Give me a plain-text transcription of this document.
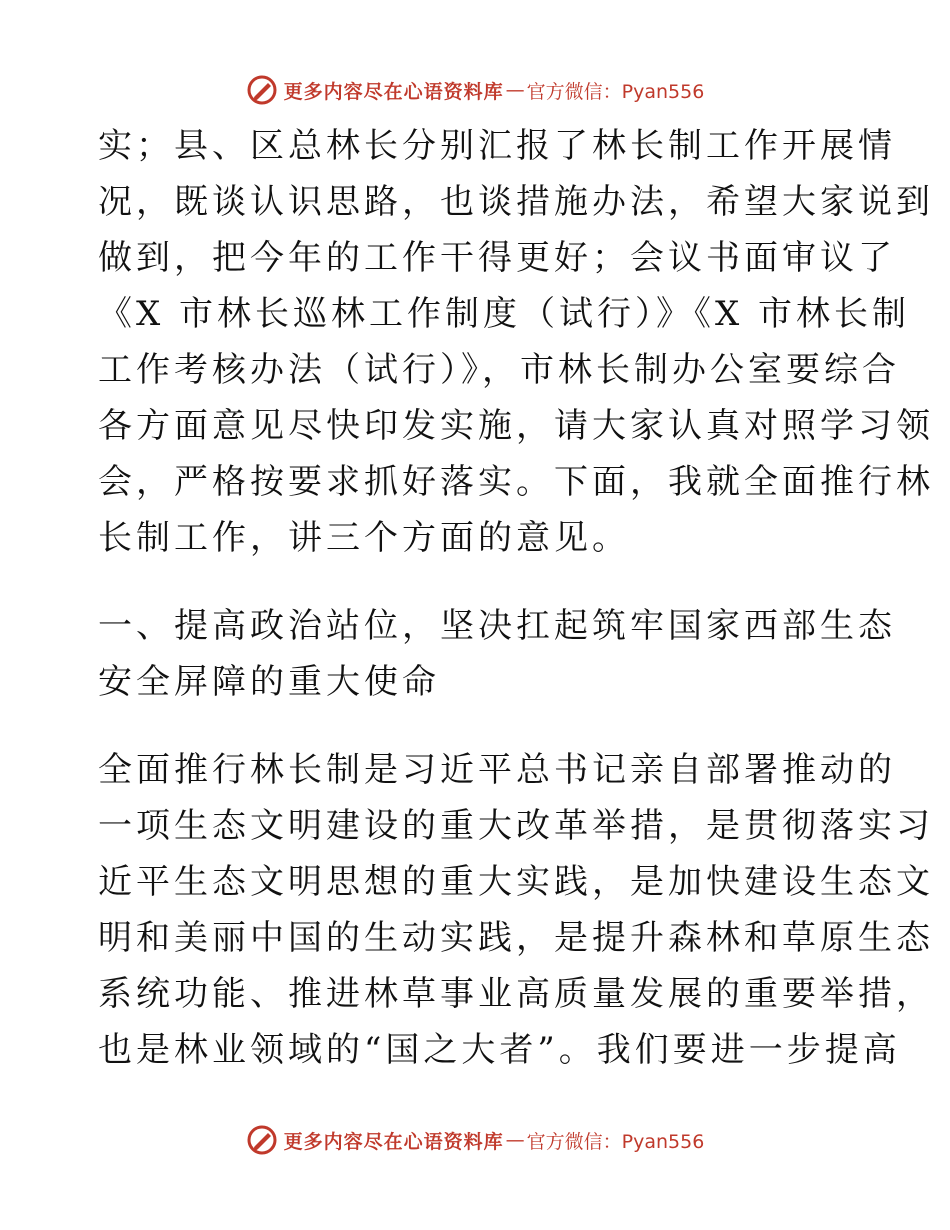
更多内容尽在心语资料库 — 官方微信：Pyan556
实；县、区总林长分别汇报了林长制工作开展情
况，既谈认识思路，也谈措施办法，希望大家说到
做到，把今年的工作干得更好；会议书面审议了
《X 市林长巡林工作制度（试行）》《X 市林长制
工作考核办法（试行）》，市林长制办公室要综合
各方面意见尽快印发实施，请大家认真对照学习领
会，严格按要求抓好落实。下面，我就全面推行林
长制工作，讲三个方面的意见。
一、提高政治站位，坚决扛起筑牢国家西部生态
安全屏障的重大使命
全面推行林长制是习近平总书记亲自部署推动的
一项生态文明建设的重大改革举措，是贯彻落实习
近平生态文明思想的重大实践，是加快建设生态文
明和美丽中国的生动实践，是提升森林和草原生态
系统功能、推进林草事业高质量发展的重要举措，
也是林业领域的“国之大者”。我们要进一步提高
更多内容尽在心语资料库 — 官方微信：Pyan556
